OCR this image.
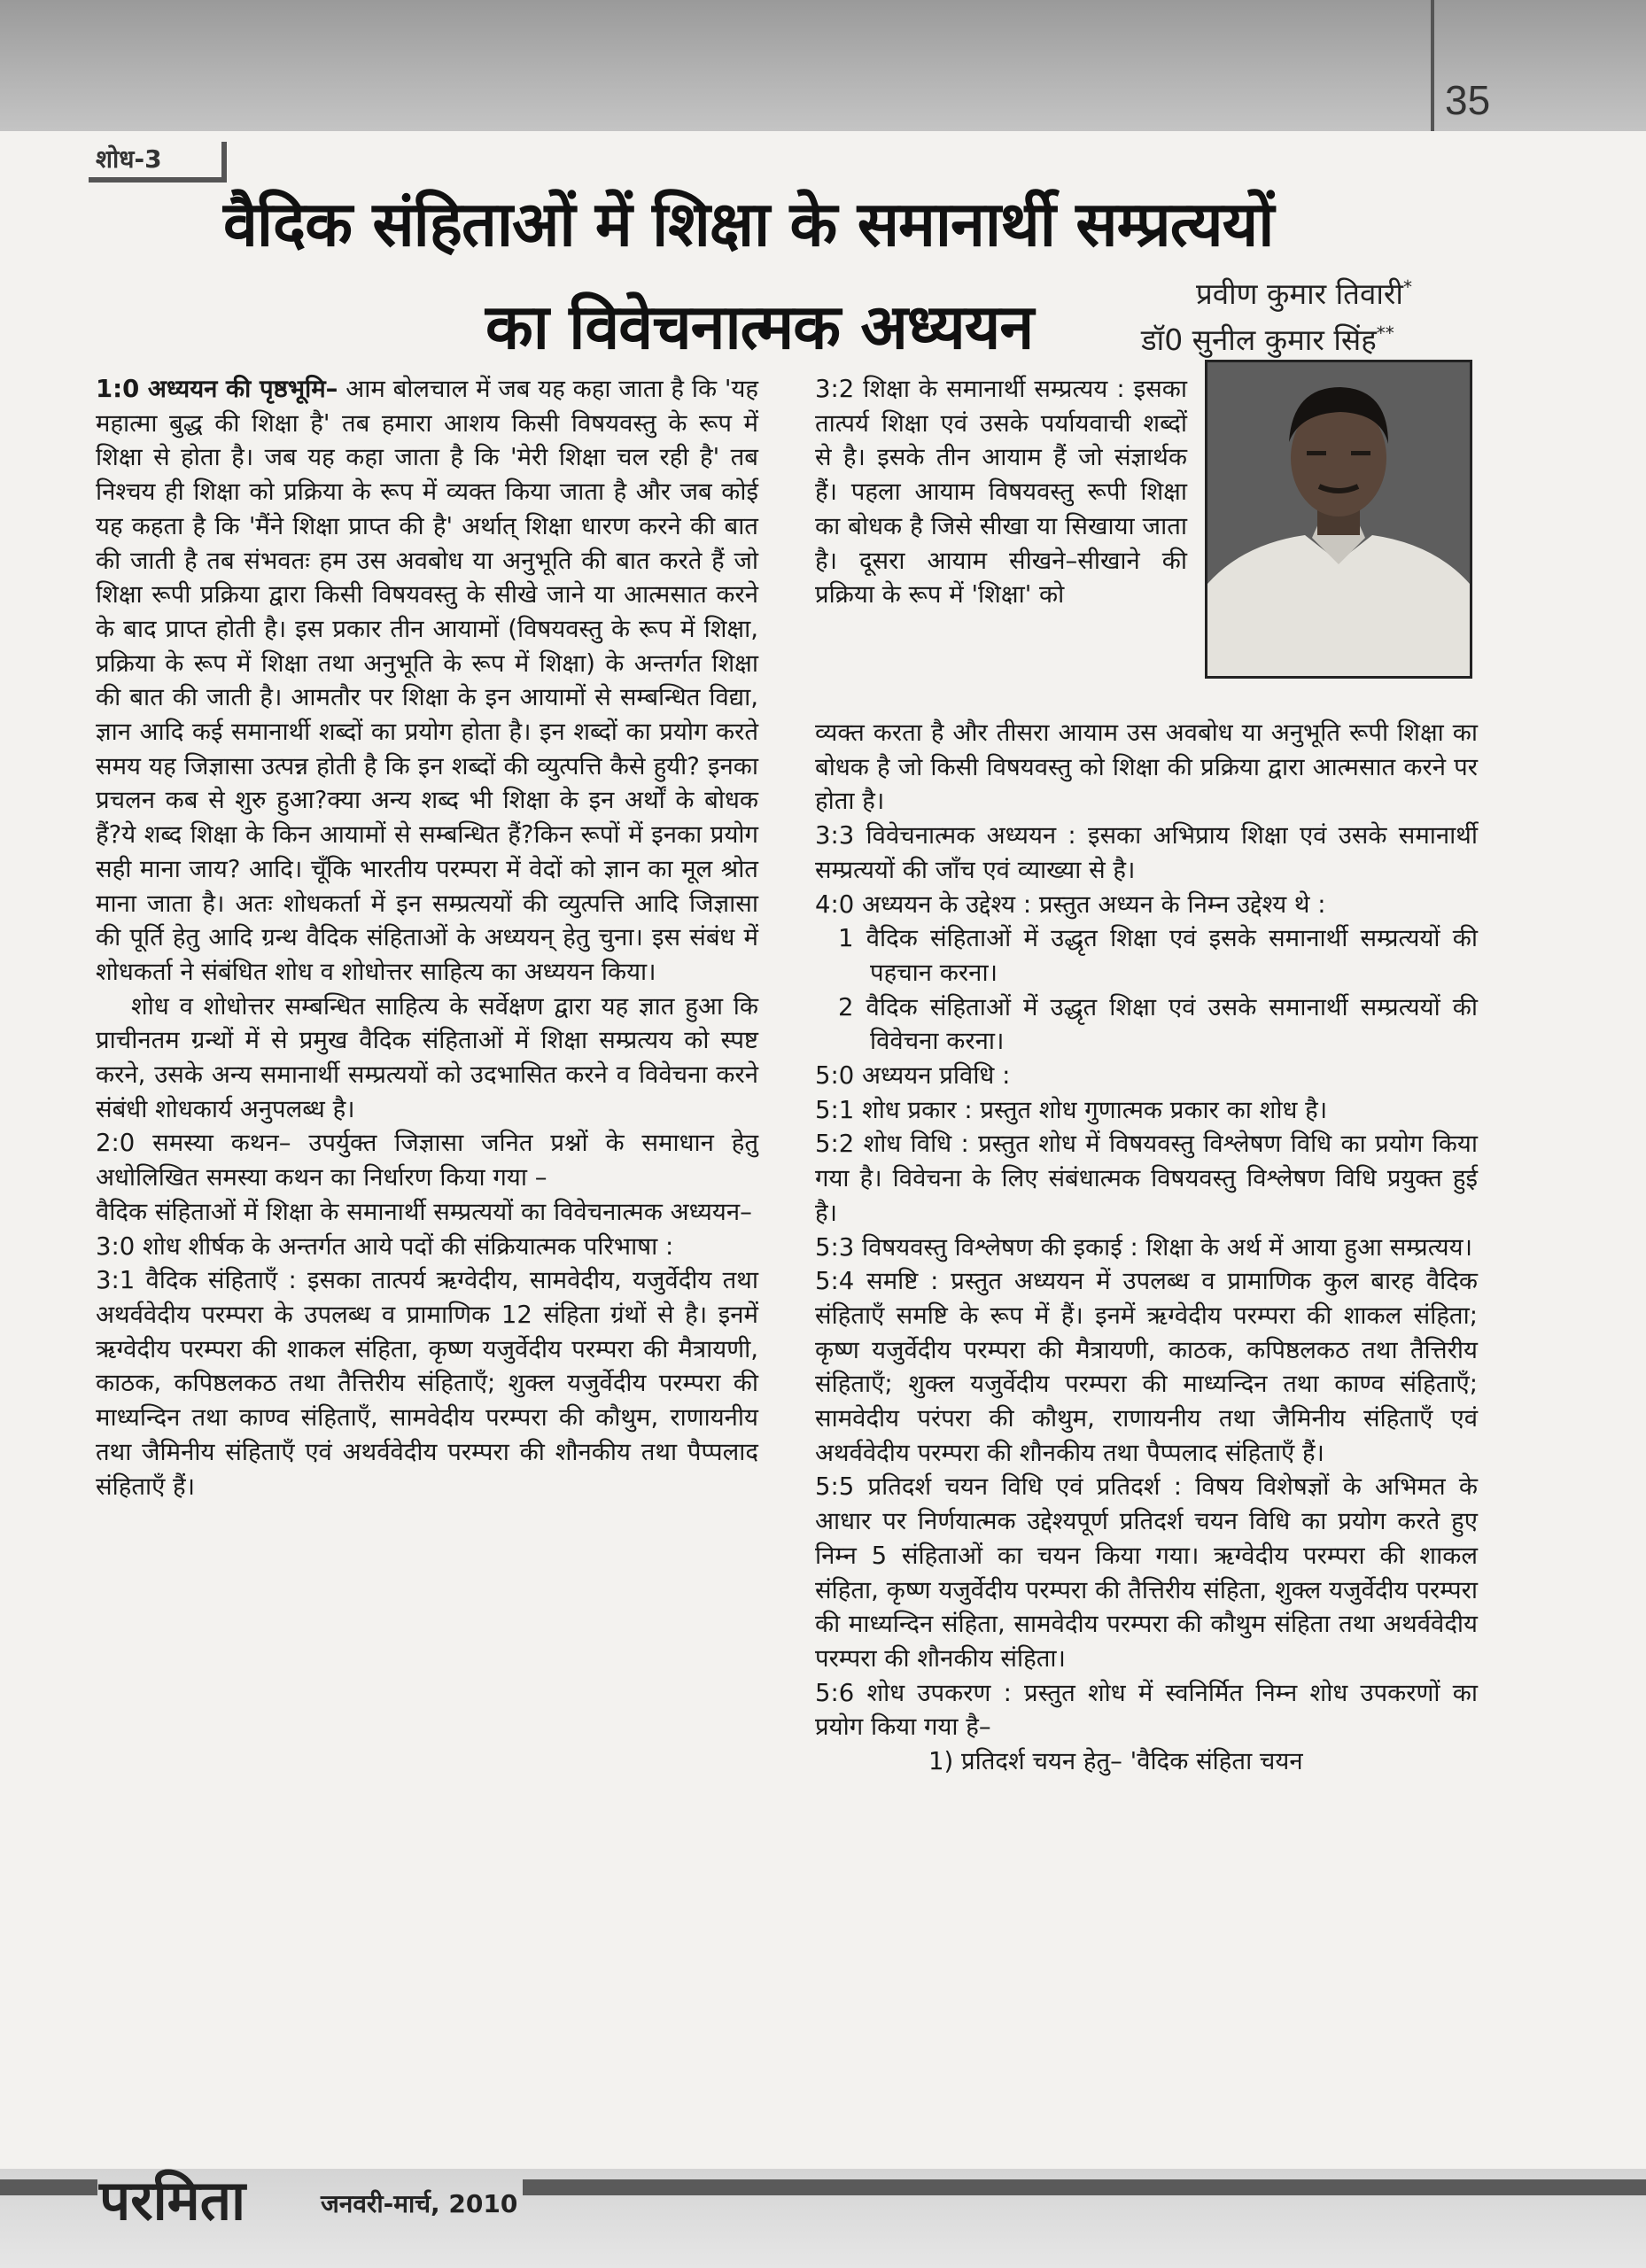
35
शोध-3
वैदिक संहिताओं में शिक्षा के समानार्थी सम्प्रत्ययों
का विवेचनात्मक अध्ययन	प्रवीण कुमार तिवारी*
डॉ0 सुनील कुमार सिंह**

1:0 अध्ययन की पृष्ठभूमि– आम बोलचाल में जब यह कहा जाता है कि 'यह महात्मा बुद्ध की शिक्षा है' तब हमारा आशय किसी विषयवस्तु के रूप में शिक्षा से होता है। जब यह कहा जाता है कि 'मेरी शिक्षा चल रही है' तब निश्चय ही शिक्षा को प्रक्रिया के रूप में व्यक्त किया जाता है और जब कोई यह कहता है कि 'मैंने शिक्षा प्राप्त की है' अर्थात् शिक्षा धारण करने की बात की जाती है तब संभवतः हम उस अवबोध या अनुभूति की बात करते हैं जो शिक्षा रूपी प्रक्रिया द्वारा किसी विषयवस्तु के सीखे जाने या आत्मसात करने के बाद प्राप्त होती है। इस प्रकार तीन आयामों (विषयवस्तु के रूप में शिक्षा, प्रक्रिया के रूप में शिक्षा तथा अनुभूति के रूप में शिक्षा) के अन्तर्गत शिक्षा की बात की जाती है। आमतौर पर शिक्षा के इन आयामों से सम्बन्धित विद्या, ज्ञान आदि कई समानार्थी शब्दों का प्रयोग होता है। इन शब्दों का प्रयोग करते समय यह जिज्ञासा उत्पन्न होती है कि इन शब्दों की व्युत्पत्ति कैसे हुयी? इनका प्रचलन कब से शुरु हुआ?क्या अन्य शब्द भी शिक्षा के इन अर्थों के बोधक हैं?ये शब्द शिक्षा के किन आयामों से सम्बन्धित हैं?किन रूपों में इनका प्रयोग सही माना जाय? आदि। चूँकि भारतीय परम्परा में वेदों को ज्ञान का मूल श्रोत माना जाता है। अतः शोधकर्ता में इन सम्प्रत्ययों की व्युत्पत्ति आदि जिज्ञासा की पूर्ति हेतु आदि ग्रन्थ वैदिक संहिताओं के अध्ययन् हेतु चुना। इस संबंध में शोधकर्ता ने संबंधित शोध व शोधोत्तर साहित्य का अध्ययन किया।

शोध व शोधोत्तर सम्बन्धित साहित्य के सर्वेक्षण द्वारा यह ज्ञात हुआ कि प्राचीनतम ग्रन्थों में से प्रमुख वैदिक संहिताओं में शिक्षा सम्प्रत्यय को स्पष्ट करने, उसके अन्य समानार्थी सम्प्रत्ययों को उदभासित करने व विवेचना करने संबंधी शोधकार्य अनुपलब्ध है।

2:0 समस्या कथन– उपर्युक्त जिज्ञासा जनित प्रश्नों के समाधान हेतु अधोलिखित समस्या कथन का निर्धारण किया गया –

वैदिक संहिताओं में शिक्षा के समानार्थी सम्प्रत्ययों का विवेचनात्मक अध्ययन–

3:0 शोध शीर्षक के अन्तर्गत आये पदों की संक्रियात्मक परिभाषा :

3:1 वैदिक संहिताएँ : इसका तात्पर्य ऋग्वेदीय, सामवेदीय, यजुर्वेदीय तथा अथर्ववेदीय परम्परा के उपलब्ध व प्रामाणिक 12 संहिता ग्रंथों से है। इनमें ऋग्वेदीय परम्परा की शाकल संहिता, कृष्ण यजुर्वेदीय परम्परा की मैत्रायणी, काठक, कपिष्ठलकठ तथा तैत्तिरीय संहिताएँ; शुक्ल यजुर्वेदीय परम्परा की माध्यन्दिन तथा काण्व संहिताएँ, सामवेदीय परम्परा की कौथुम, राणायनीय तथा जैमिनीय संहिताएँ एवं अथर्ववेदीय परम्परा की शौनकीय तथा पैप्पलाद संहिताएँ हैं।

3:2 शिक्षा के समानार्थी सम्प्रत्यय : इसका तात्पर्य शिक्षा एवं उसके पर्यायवाची शब्दों से है। इसके तीन आयाम हैं जो संज्ञार्थक हैं। पहला आयाम विषयवस्तु रूपी शिक्षा का बोधक है जिसे सीखा या सिखाया जाता है। दूसरा आयाम सीखने–सीखाने की प्रक्रिया के रूप में 'शिक्षा' को

व्यक्त करता है और तीसरा आयाम उस अवबोध या अनुभूति रूपी शिक्षा का बोधक है जो किसी विषयवस्तु को शिक्षा की प्रक्रिया द्वारा आत्मसात करने पर होता है।

3:3 विवेचनात्मक अध्ययन : इसका अभिप्राय शिक्षा एवं उसके समानार्थी सम्प्रत्ययों की जाँच एवं व्याख्या से है।

4:0 अध्ययन के उद्देश्य : प्रस्तुत अध्यन के निम्न उद्देश्य थे :

1 वैदिक संहिताओं में उद्धृत शिक्षा एवं इसके समानार्थी सम्प्रत्ययों की पहचान करना।

2 वैदिक संहिताओं में उद्धृत शिक्षा एवं उसके समानार्थी सम्प्रत्ययों की विवेचना करना।

5:0 अध्ययन प्रविधि :

5:1 शोध प्रकार : प्रस्तुत शोध गुणात्मक प्रकार का शोध है।

5:2 शोध विधि : प्रस्तुत शोध में विषयवस्तु विश्लेषण विधि का प्रयोग किया गया है। विवेचना के लिए संबंधात्मक विषयवस्तु विश्लेषण विधि प्रयुक्त हुई है।

5:3 विषयवस्तु विश्लेषण की इकाई : शिक्षा के अर्थ में आया हुआ सम्प्रत्यय।

5:4 समष्टि : प्रस्तुत अध्ययन में उपलब्ध व प्रामाणिक कुल बारह वैदिक संहिताएँ समष्टि के रूप में हैं। इनमें ऋग्वेदीय परम्परा की शाकल संहिता; कृष्ण यजुर्वेदीय परम्परा की मैत्रायणी, काठक, कपिष्ठलकठ तथा तैत्तिरीय संहिताएँ; शुक्ल यजुर्वेदीय परम्परा की माध्यन्दिन तथा काण्व संहिताएँ; सामवेदीय परंपरा की कौथुम, राणायनीय तथा जैमिनीय संहिताएँ एवं अथर्ववेदीय परम्परा की शौनकीय तथा पैप्पलाद संहिताएँ हैं।

5:5 प्रतिदर्श चयन विधि एवं प्रतिदर्श : विषय विशेषज्ञों के अभिमत के आधार पर निर्णयात्मक उद्देश्यपूर्ण प्रतिदर्श चयन विधि का प्रयोग करते हुए निम्न 5 संहिताओं का चयन किया गया। ऋग्वेदीय परम्परा की शाकल संहिता, कृष्ण यजुर्वेदीय परम्परा की तैत्तिरीय संहिता, शुक्ल यजुर्वेदीय परम्परा की माध्यन्दिन संहिता, सामवेदीय परम्परा की कौथुम संहिता तथा अथर्ववेदीय परम्परा की शौनकीय संहिता।

5:6 शोध उपकरण : प्रस्तुत शोध में स्वनिर्मित निम्न शोध उपकरणों का प्रयोग किया गया है–

1) प्रतिदर्श चयन हेतु– 'वैदिक संहिता चयन

परमिता	जनवरी-मार्च, 2010
